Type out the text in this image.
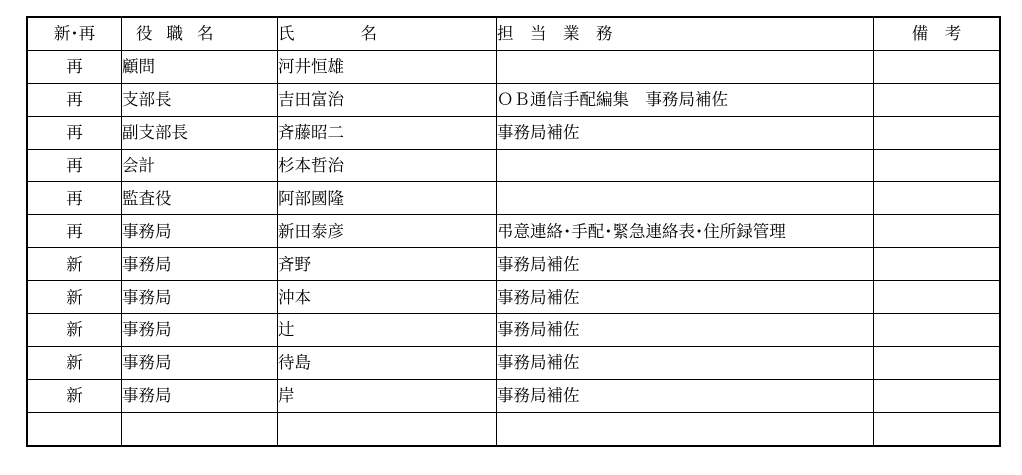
新･再	役職名	氏　　　　名	担　当　業　務	備　考
再	顧問	河井恒雄		
再	支部長	吉田富治	ＯＢ通信手配編集　事務局補佐	
再	副支部長	斉藤昭二	事務局補佐	
再	会計	杉本哲治		
再	監査役	阿部國隆		
再	事務局	新田泰彦	弔意連絡･手配･緊急連絡表･住所録管理	
新	事務局	斉野	事務局補佐	
新	事務局	沖本	事務局補佐	
新	事務局	辻	事務局補佐	
新	事務局	待島	事務局補佐	
新	事務局	岸	事務局補佐	
